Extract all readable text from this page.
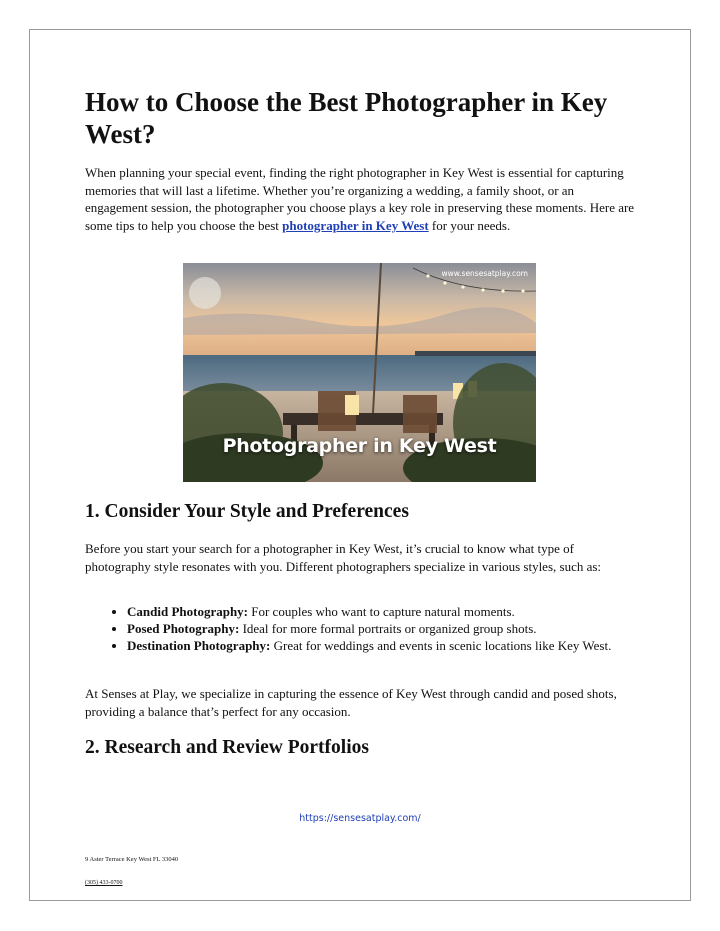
How to Choose the Best Photographer in Key West?

When planning your special event, finding the right photographer in Key West is essential for capturing memories that will last a lifetime. Whether you’re organizing a wedding, a family shoot, or an engagement session, the photographer you choose plays a key role in preserving these moments. Here are some tips to help you choose the best photographer in Key West for your needs.

www.sensesatplay.com
Photographer in Key West
1. Consider Your Style and Preferences

Before you start your search for a photographer in Key West, it’s crucial to know what type of photography style resonates with you. Different photographers specialize in various styles, such as:

• Candid Photography: For couples who want to capture natural moments.
• Posed Photography: Ideal for more formal portraits or organized group shots.
• Destination Photography: Great for weddings and events in scenic locations like Key West.

At Senses at Play, we specialize in capturing the essence of Key West through candid and posed shots, providing a balance that’s perfect for any occasion.

2. Research and Review Portfolios
https://sensesatplay.com/
9 Aster Terrace Key West FL 33040
(305) 433-0700
